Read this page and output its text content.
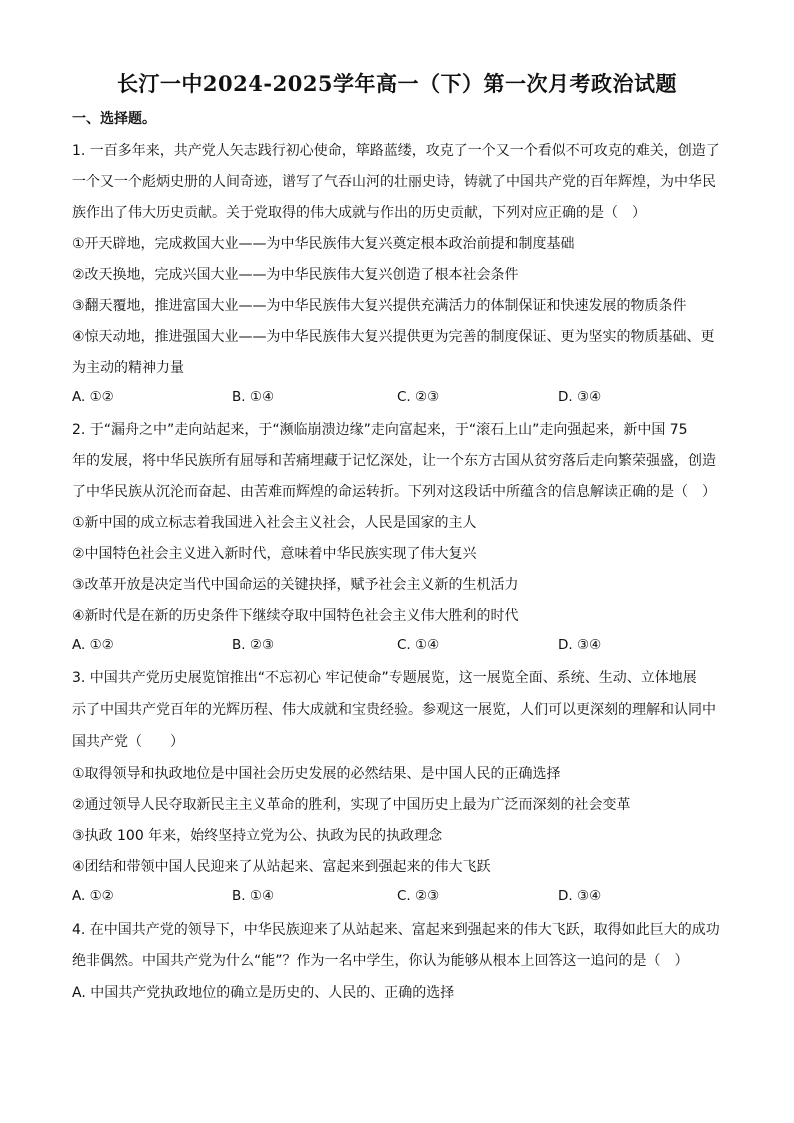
长汀一中2024-2025学年高一（下）第一次月考政治试题
一、选择题。
1. 一百多年来，共产党人矢志践行初心使命，筚路蓝缕，攻克了一个又一个看似不可攻克的难关，创造了
一个又一个彪炳史册的人间奇迹，谱写了气吞山河的壮丽史诗，铸就了中国共产党的百年辉煌，为中华民
族作出了伟大历史贡献。关于党取得的伟大成就与作出的历史贡献，下列对应正确的是（　）
①开天辟地，完成救国大业——为中华民族伟大复兴奠定根本政治前提和制度基础
②改天换地，完成兴国大业——为中华民族伟大复兴创造了根本社会条件
③翻天覆地，推进富国大业——为中华民族伟大复兴提供充满活力的体制保证和快速发展的物质条件
④惊天动地，推进强国大业——为中华民族伟大复兴提供更为完善的制度保证、更为坚实的物质基础、更
为主动的精神力量
A. ①②	B. ①④	C. ②③	D. ③④
2. 于“漏舟之中”走向站起来，于“濒临崩溃边缘”走向富起来，于“滚石上山”走向强起来，新中国 75
年的发展，将中华民族所有屈辱和苦痛埋藏于记忆深处，让一个东方古国从贫穷落后走向繁荣强盛，创造
了中华民族从沉沦而奋起、由苦难而辉煌的命运转折。下列对这段话中所蕴含的信息解读正确的是（　）
①新中国的成立标志着我国进入社会主义社会，人民是国家的主人
②中国特色社会主义进入新时代，意味着中华民族实现了伟大复兴
③改革开放是决定当代中国命运的关键抉择，赋予社会主义新的生机活力
④新时代是在新的历史条件下继续夺取中国特色社会主义伟大胜利的时代
A. ①②	B. ②③	C. ①④	D. ③④
3. 中国共产党历史展览馆推出“不忘初心 牢记使命”专题展览，这一展览全面、系统、生动、立体地展
示了中国共产党百年的光辉历程、伟大成就和宝贵经验。参观这一展览，人们可以更深刻的理解和认同中
国共产党（　　）
①取得领导和执政地位是中国社会历史发展的必然结果、是中国人民的正确选择
②通过领导人民夺取新民主主义革命的胜利，实现了中国历史上最为广泛而深刻的社会变革
③执政 100 年来，始终坚持立党为公、执政为民的执政理念
④团结和带领中国人民迎来了从站起来、富起来到强起来的伟大飞跃
A. ①②	B. ①④	C. ②③	D. ③④
4. 在中国共产党的领导下，中华民族迎来了从站起来、富起来到强起来的伟大飞跃，取得如此巨大的成功
绝非偶然。中国共产党为什么“能”？作为一名中学生，你认为能够从根本上回答这一追问的是（　）
A. 中国共产党执政地位的确立是历史的、人民的、正确的选择
